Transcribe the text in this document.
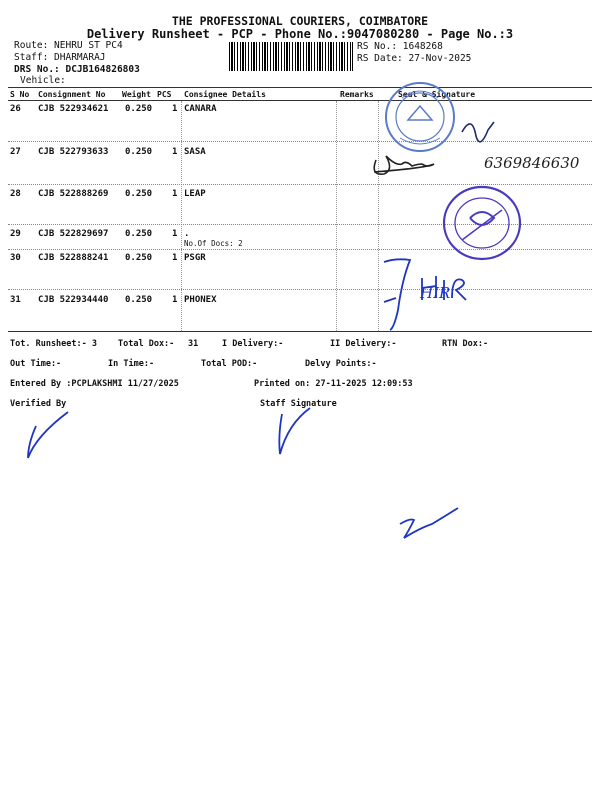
THE PROFESSIONAL COURIERS, COIMBATORE
Delivery Runsheet - PCP - Phone No.:9047080280 - Page No.:3
Route: NEHRU ST PC4
Staff: DHARMARAJ
DRS No.: DCJB164826803
Vehicle:
RS No.: 1648268
RS Date: 27-Nov-2025
S No Consignment No Weight PCS Consignee Details	Remarks	Seal & Signature
26 CJB 522934621 0.250 1 CANARA
27 CJB 522793633 0.250 1 SASA
28 CJB 522888269 0.250 1 LEAP
29 CJB 522829697 0.250 1 .
No.Of Docs: 2
30 CJB 522888241 0.250 1 PSGR
31 CJB 522934440 0.250 1 PHONEX
Tot. Runsheet:- 3 Total Dox:- 31	I Delivery:-	II Delivery:-	RTN Dox:-
Out Time:-	In Time:-	Total POD:-	Delvy Points:-
Entered By :PCPLAKSHMI 11/27/2025	Printed on: 27-11-2025 12:09:53
Verified By	Staff Signature
6369846630
HIR
